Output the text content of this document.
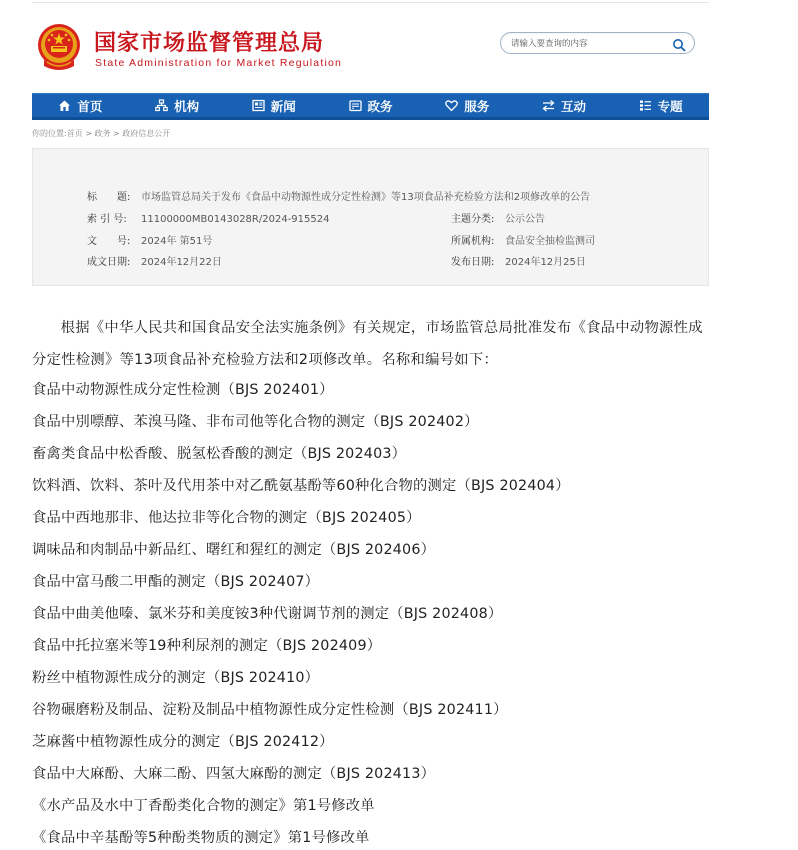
国家市场监督管理总局
State Administration for Market Regulation
请输入要查询的内容
首页	机构	新闻	政务	服务	互动	专题
你的位置:首页 > 政务 > 政府信息公开
标　　题: 市场监管总局关于发布《食品中动物源性成分定性检测》等13项食品补充检验方法和2项修改单的公告
索 引 号: 11100000MB0143028R/2024-915524	主题分类: 公示公告
文　　号: 2024年 第51号	所属机构: 食品安全抽检监测司
成文日期: 2024年12月22日	发布日期: 2024年12月25日

根据《中华人民共和国食品安全法实施条例》有关规定，市场监管总局批准发布《食品中动物源性成分定性检测》等13项食品补充检验方法和2项修改单。名称和编号如下：

食品中动物源性成分定性检测（BJS 202401）
食品中別嘌醇、苯溴马隆、非布司他等化合物的测定（BJS 202402）
畜禽类食品中松香酸、脱氢松香酸的测定（BJS 202403）
饮料酒、饮料、茶叶及代用茶中对乙酰氨基酚等60种化合物的测定（BJS 202404）
食品中西地那非、他达拉非等化合物的测定（BJS 202405）
调味品和肉制品中新品红、曙红和猩红的测定（BJS 202406）
食品中富马酸二甲酯的测定（BJS 202407）
食品中曲美他嗪、氯米芬和美度铵3种代谢调节剂的测定（BJS 202408）
食品中托拉塞米等19种利尿剂的测定（BJS 202409）
粉丝中植物源性成分的测定（BJS 202410）
谷物碾磨粉及制品、淀粉及制品中植物源性成分定性检测（BJS 202411）
芝麻酱中植物源性成分的测定（BJS 202412）
食品中大麻酚、大麻二酚、四氢大麻酚的测定（BJS 202413）
《水产品及水中丁香酚类化合物的测定》第1号修改单
《食品中辛基酚等5种酚类物质的测定》第1号修改单
